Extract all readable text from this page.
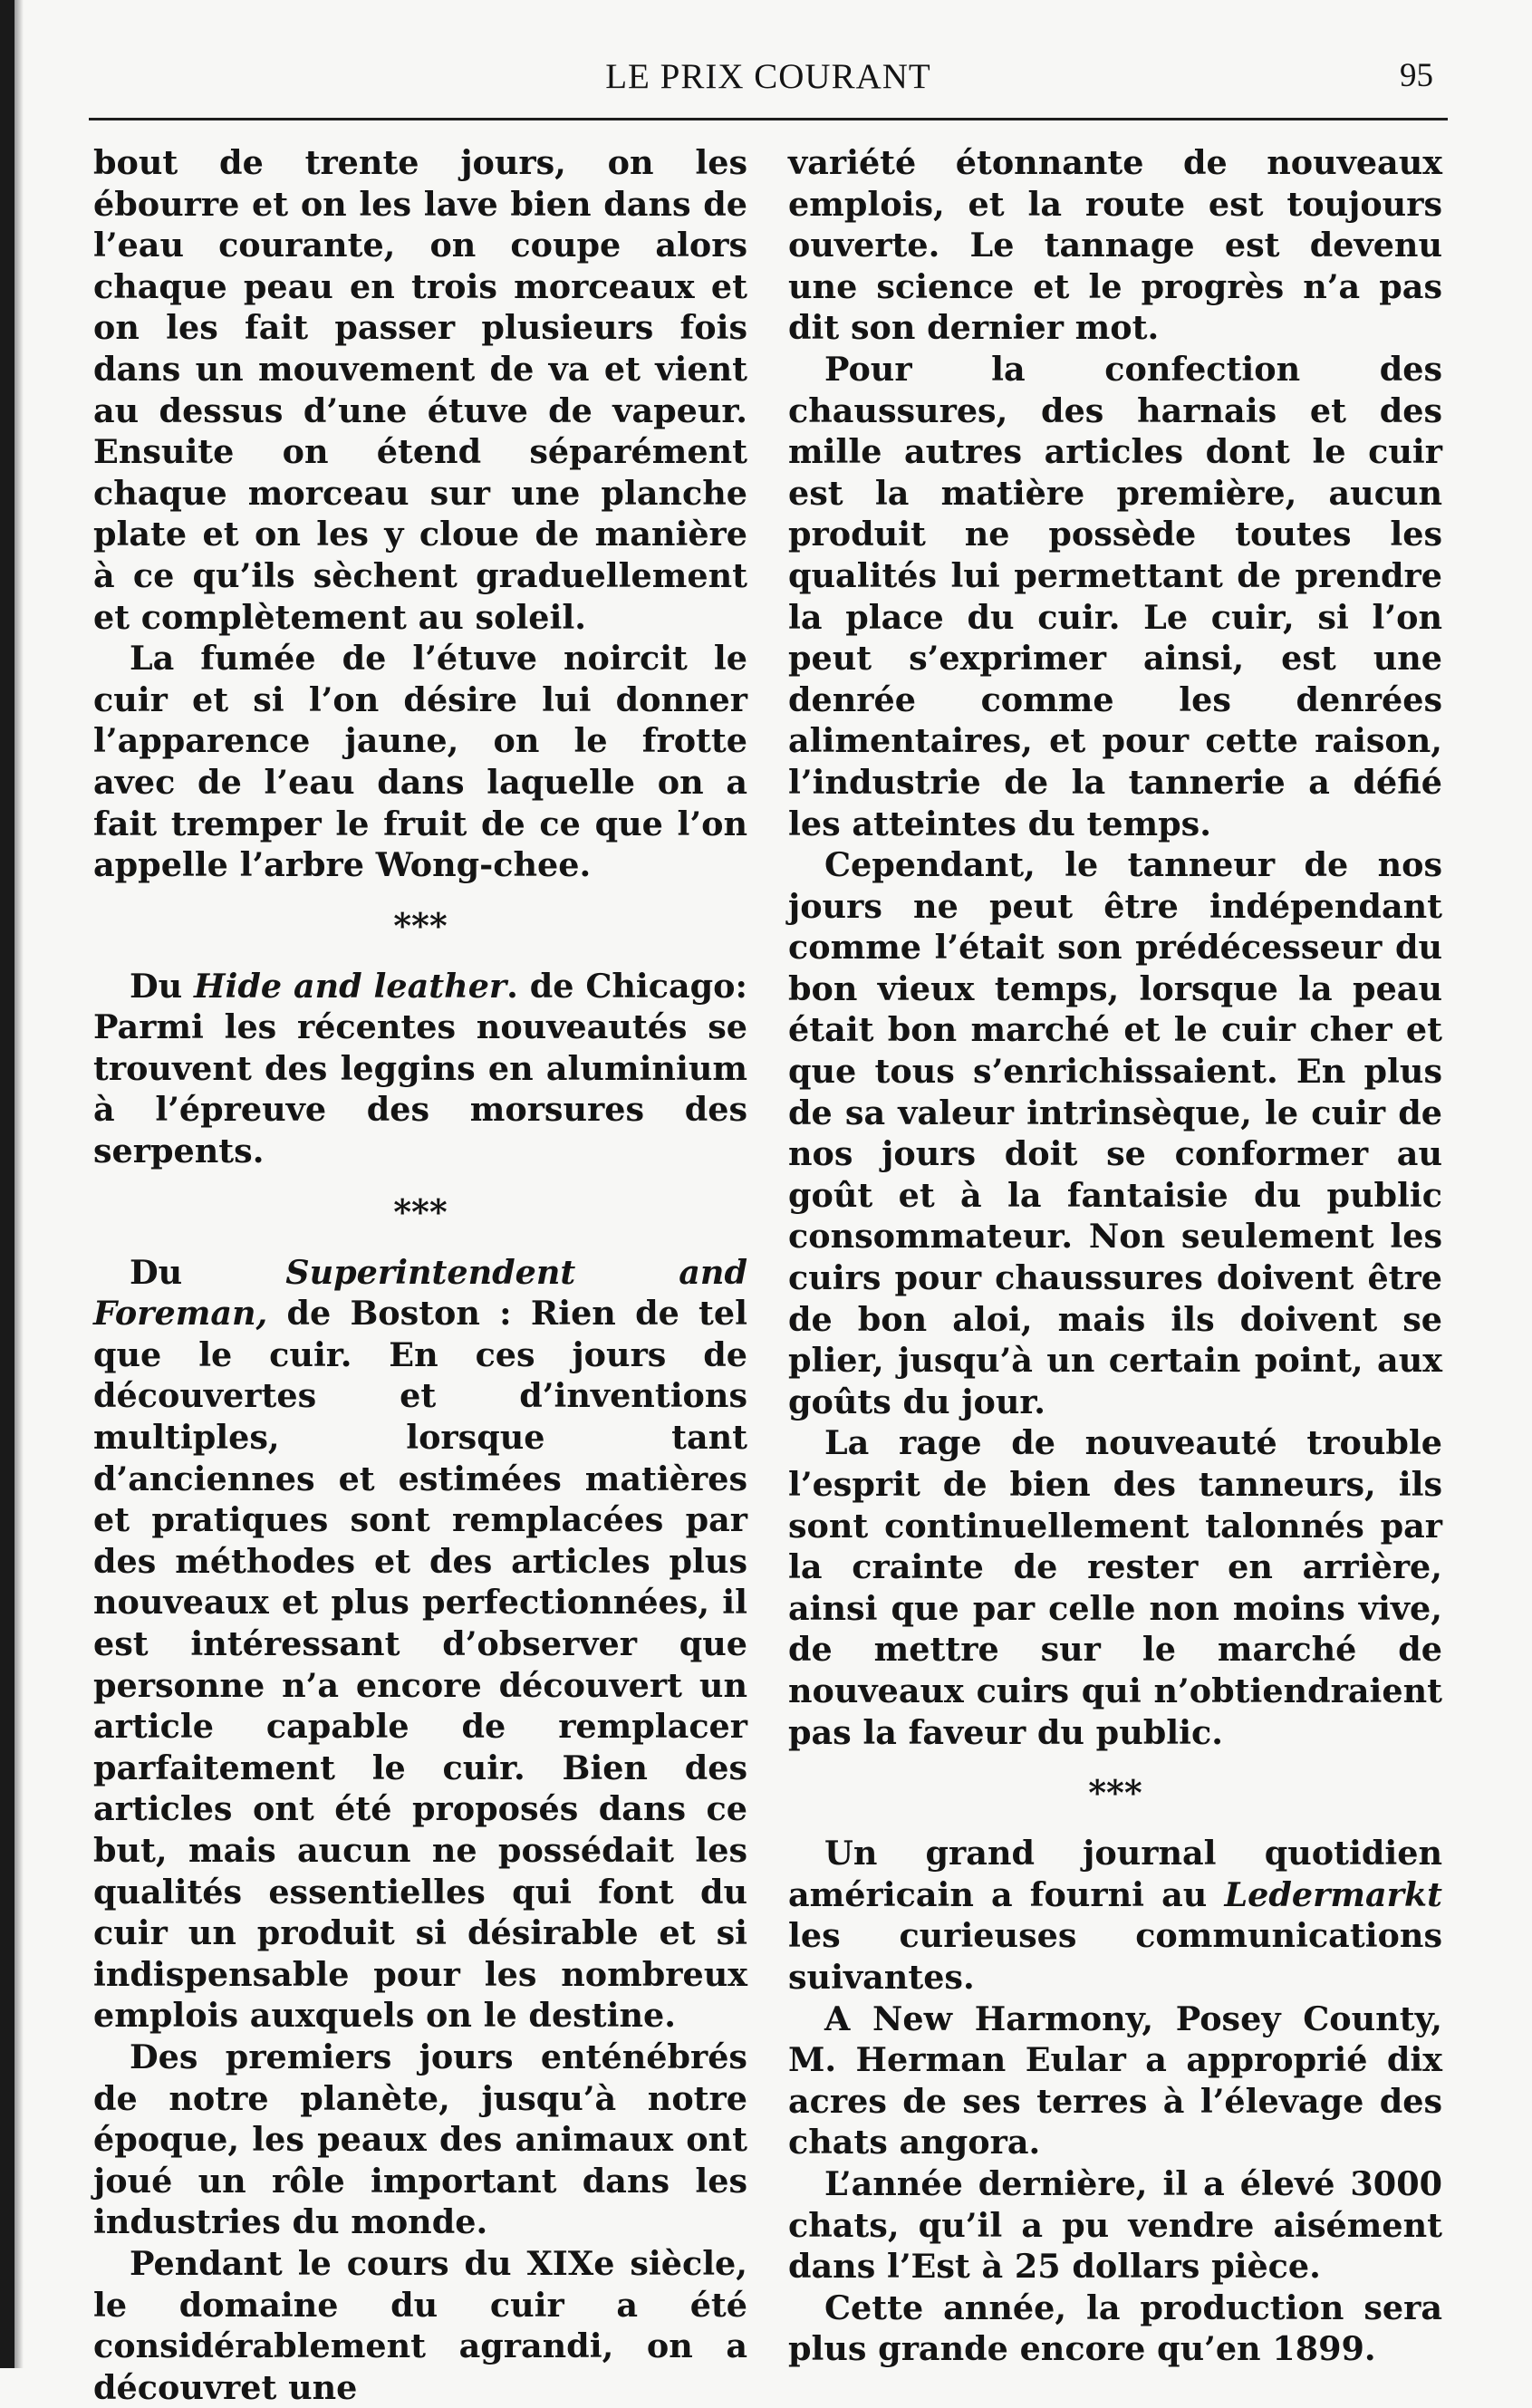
LE PRIX COURANT	95

bout de trente jours, on les ébourre et on les lave bien dans de l’eau courante, on coupe alors chaque peau en trois morceaux et on les fait passer plusieurs fois dans un mouvement de va et vient au dessus d’une étuve de vapeur. Ensuite on étend séparément chaque morceau sur une planche plate et on les y cloue de manière à ce qu’ils sèchent graduellement et complètement au soleil.

La fumée de l’étuve noircit le cuir et si l’on désire lui donner l’apparence jaune, on le frotte avec de l’eau dans laquelle on a fait tremper le fruit de ce que l’on appelle l’arbre Wong-chee.

***

Du Hide and leather. de Chicago: Parmi les récentes nouveautés se trouvent des leggins en aluminium à l’épreuve des morsures des serpents.

***

Du Superintendent and Foreman, de Boston : Rien de tel que le cuir. En ces jours de découvertes et d’inventions multiples, lorsque tant d’anciennes et estimées matières et pratiques sont remplacées par des méthodes et des articles plus nouveaux et plus perfectionnées, il est intéressant d’observer que personne n’a encore découvert un article capable de remplacer parfaitement le cuir. Bien des articles ont été proposés dans ce but, mais aucun ne possédait les qualités essentielles qui font du cuir un produit si désirable et si indispensable pour les nombreux emplois auxquels on le destine.

Des premiers jours enténébrés de notre planète, jusqu’à notre époque, les peaux des animaux ont joué un rôle important dans les industries du monde.

Pendant le cours du XIXe siècle, le domaine du cuir a été considérablement agrandi, on a découvret une

variété étonnante de nouveaux emplois, et la route est toujours ouverte. Le tannage est devenu une science et le progrès n’a pas dit son dernier mot.

Pour la confection des chaussures, des harnais et des mille autres articles dont le cuir est la matière première, aucun produit ne possède toutes les qualités lui permettant de prendre la place du cuir. Le cuir, si l’on peut s’exprimer ainsi, est une denrée comme les denrées alimentaires, et pour cette raison, l’industrie de la tannerie a défié les atteintes du temps.

Cependant, le tanneur de nos jours ne peut être indépendant comme l’était son prédécesseur du bon vieux temps, lorsque la peau était bon marché et le cuir cher et que tous s’enrichissaient. En plus de sa valeur intrinsèque, le cuir de nos jours doit se conformer au goût et à la fantaisie du public consommateur. Non seulement les cuirs pour chaussures doivent être de bon aloi, mais ils doivent se plier, jusqu’à un certain point, aux goûts du jour.

La rage de nouveauté trouble l’esprit de bien des tanneurs, ils sont continuellement talonnés par la crainte de rester en arrière, ainsi que par celle non moins vive, de mettre sur le marché de nouveaux cuirs qui n’obtiendraient pas la faveur du public.

***

Un grand journal quotidien américain a fourni au Ledermarkt les curieuses communications suivantes.

A New Harmony, Posey County, M. Herman Eular a approprié dix acres de ses terres à l’élevage des chats angora.

L’année dernière, il a élevé 3000 chats, qu’il a pu vendre aisément dans l’Est à 25 dollars pièce.

Cette année, la production sera plus grande encore qu’en 1899.
